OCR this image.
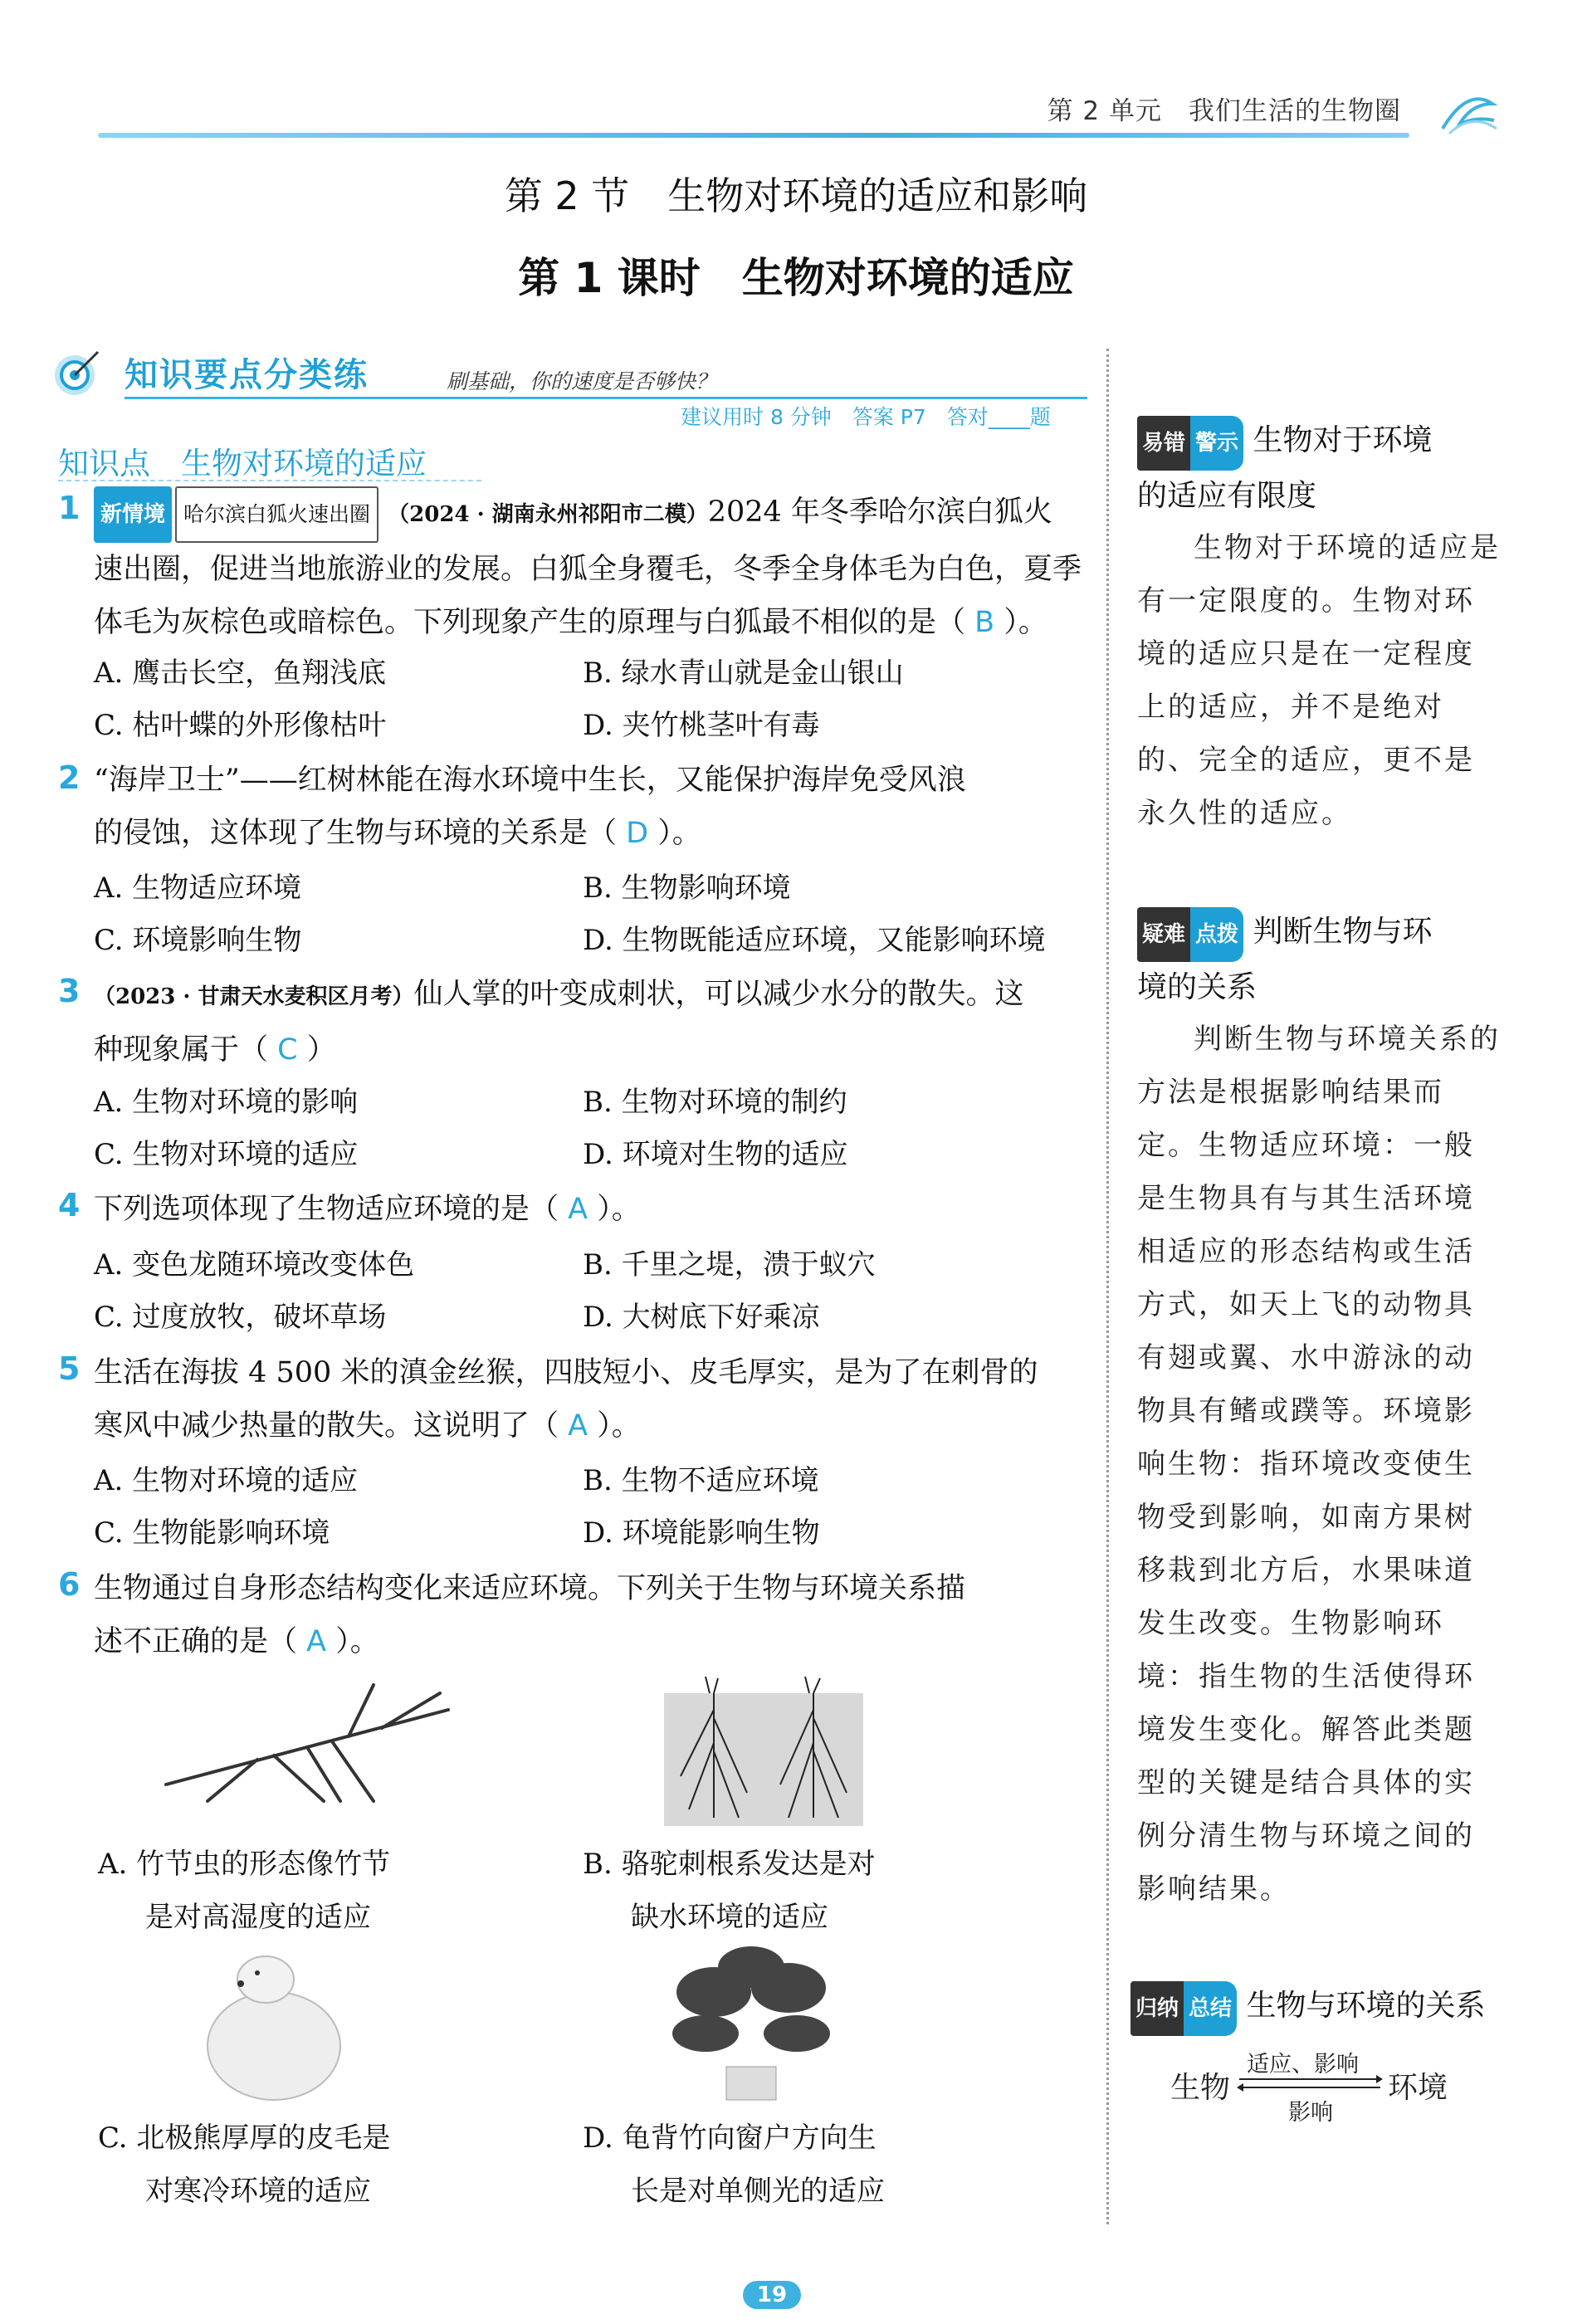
第 2 单元　我们生活的生物圈
第 2 节　生物对环境的适应和影响
第 1 课时　生物对环境的适应
知识要点分类练	刷基础，你的速度是否够快？
建议用时 8 分钟　答案 P7　答对____题
知识点　生物对环境的适应
1 新情境 哈尔滨白狐火速出圈 （2024 · 湖南永州祁阳市二模）2024 年冬季哈尔滨白狐火
速出圈，促进当地旅游业的发展。白狐全身覆毛，冬季全身体毛为白色，夏季
体毛为灰棕色或暗棕色。下列现象产生的原理与白狐最不相似的是（ B ）。
A. 鹰击长空，鱼翔浅底	B. 绿水青山就是金山银山
C. 枯叶蝶的外形像枯叶	D. 夹竹桃茎叶有毒
2 “海岸卫士”——红树林能在海水环境中生长，又能保护海岸免受风浪
的侵蚀，这体现了生物与环境的关系是（ D ）。
A. 生物适应环境	B. 生物影响环境
C. 环境影响生物	D. 生物既能适应环境，又能影响环境
3 （2023 · 甘肃天水麦积区月考）仙人掌的叶变成刺状，可以减少水分的散失。这
种现象属于（ C ）
A. 生物对环境的影响	B. 生物对环境的制约
C. 生物对环境的适应	D. 环境对生物的适应
4 下列选项体现了生物适应环境的是（ A ）。
A. 变色龙随环境改变体色	B. 千里之堤，溃于蚁穴
C. 过度放牧，破坏草场	D. 大树底下好乘凉
5 生活在海拔 4 500 米的滇金丝猴，四肢短小、皮毛厚实，是为了在刺骨的
寒风中减少热量的散失。这说明了（ A ）。
A. 生物对环境的适应	B. 生物不适应环境
C. 生物能影响环境	D. 环境能影响生物
6 生物通过自身形态结构变化来适应环境。下列关于生物与环境关系描
述不正确的是（ A ）。
A. 竹节虫的形态像竹节
是对高湿度的适应
B. 骆驼刺根系发达是对
缺水环境的适应
C. 北极熊厚厚的皮毛是
对寒冷环境的适应
D. 龟背竹向窗户方向生
长是对单侧光的适应
易错 警示 生物对于环境
的适应有限度
生物对于环境的适应是有一定限度的。生物对环境的适应只是在一定程度上的适应，并不是绝对的、完全的适应，更不是永久性的适应。
疑难 点拨 判断生物与环
境的关系
判断生物与环境关系的方法是根据影响结果而定。生物适应环境：一般是生物具有与其生活环境相适应的形态结构或生活方式，如天上飞的动物具有翅或翼、水中游泳的动物具有鳍或蹼等。环境影响生物：指环境改变使生物受到影响，如南方果树移栽到北方后，水果味道发生改变。生物影响环境：指生物的生活使得环境发生变化。解答此类题型的关键是结合具体的实例分清生物与环境之间的影响结果。
归纳 总结 生物与环境的关系
生物
适应、影响
影响
环境
19
